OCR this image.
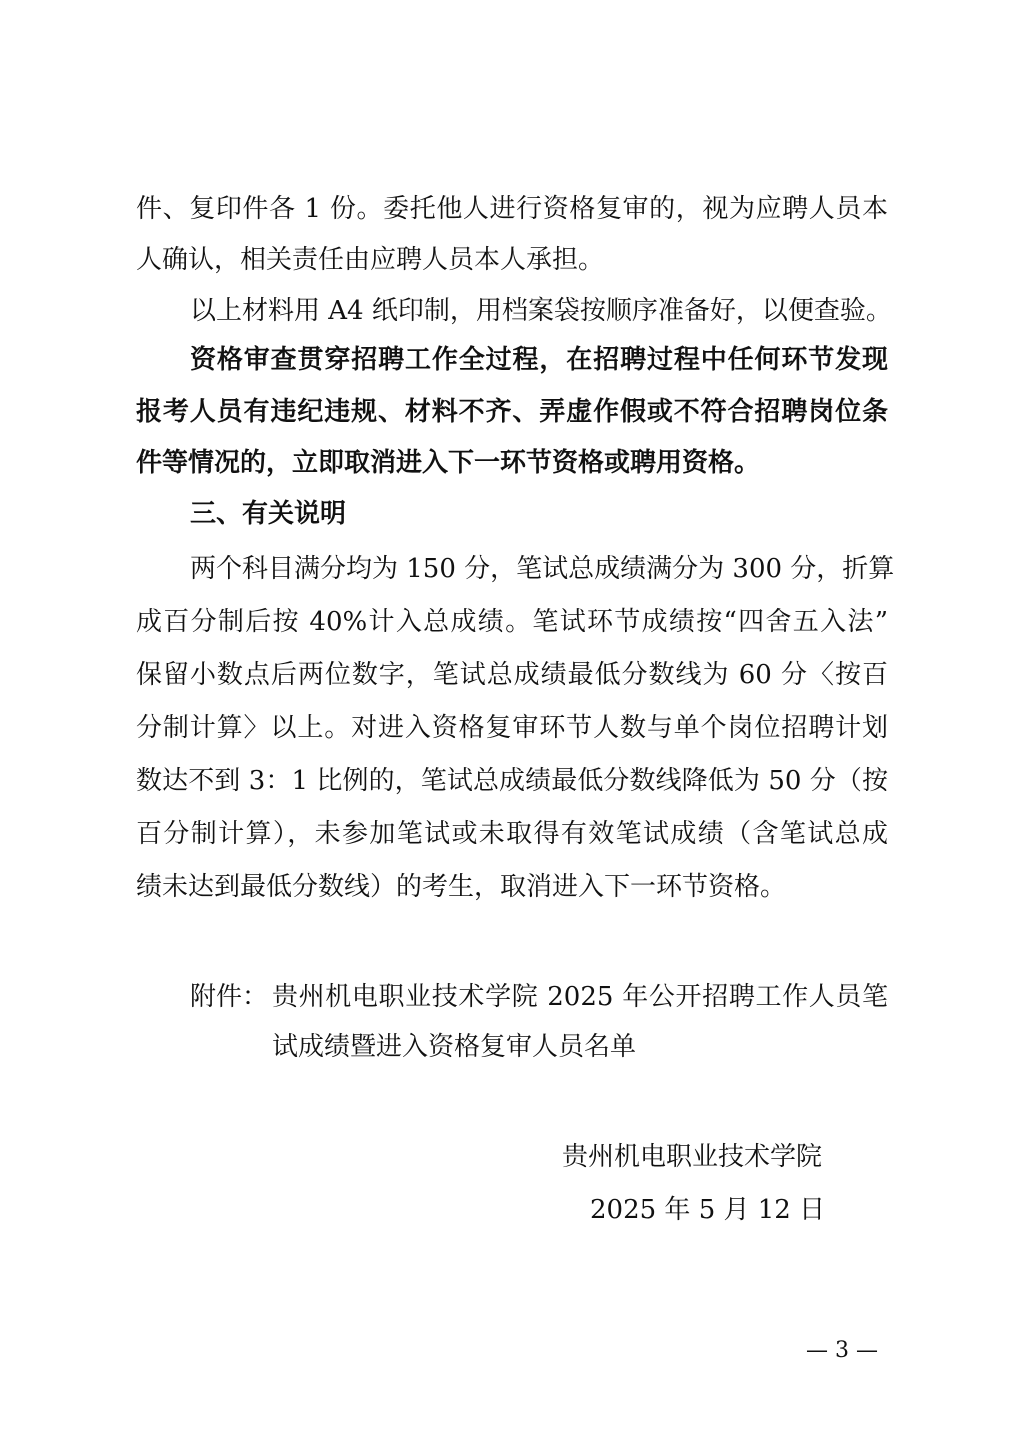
件、复印件各 1 份。委托他人进行资格复审的，视为应聘人员本
人确认，相关责任由应聘人员本人承担。
以上材料用 A4 纸印制，用档案袋按顺序准备好，以便查验。
资格审查贯穿招聘工作全过程，在招聘过程中任何环节发现
报考人员有违纪违规、材料不齐、弄虚作假或不符合招聘岗位条
件等情况的，立即取消进入下一环节资格或聘用资格。
三、有关说明
两个科目满分均为 150 分，笔试总成绩满分为 300 分，折算
成百分制后按 40%计入总成绩。笔试环节成绩按“四舍五入法”
保留小数点后两位数字，笔试总成绩最低分数线为 60 分〈按百
分制计算〉以上。对进入资格复审环节人数与单个岗位招聘计划
数达不到 3：1 比例的，笔试总成绩最低分数线降低为 50 分（按
百分制计算），未参加笔试或未取得有效笔试成绩（含笔试总成
绩未达到最低分数线）的考生，取消进入下一环节资格。
附件： 贵州机电职业技术学院 2025 年公开招聘工作人员笔
试成绩暨进入资格复审人员名单
贵州机电职业技术学院
2025 年 5 月 12 日
— 3 —
